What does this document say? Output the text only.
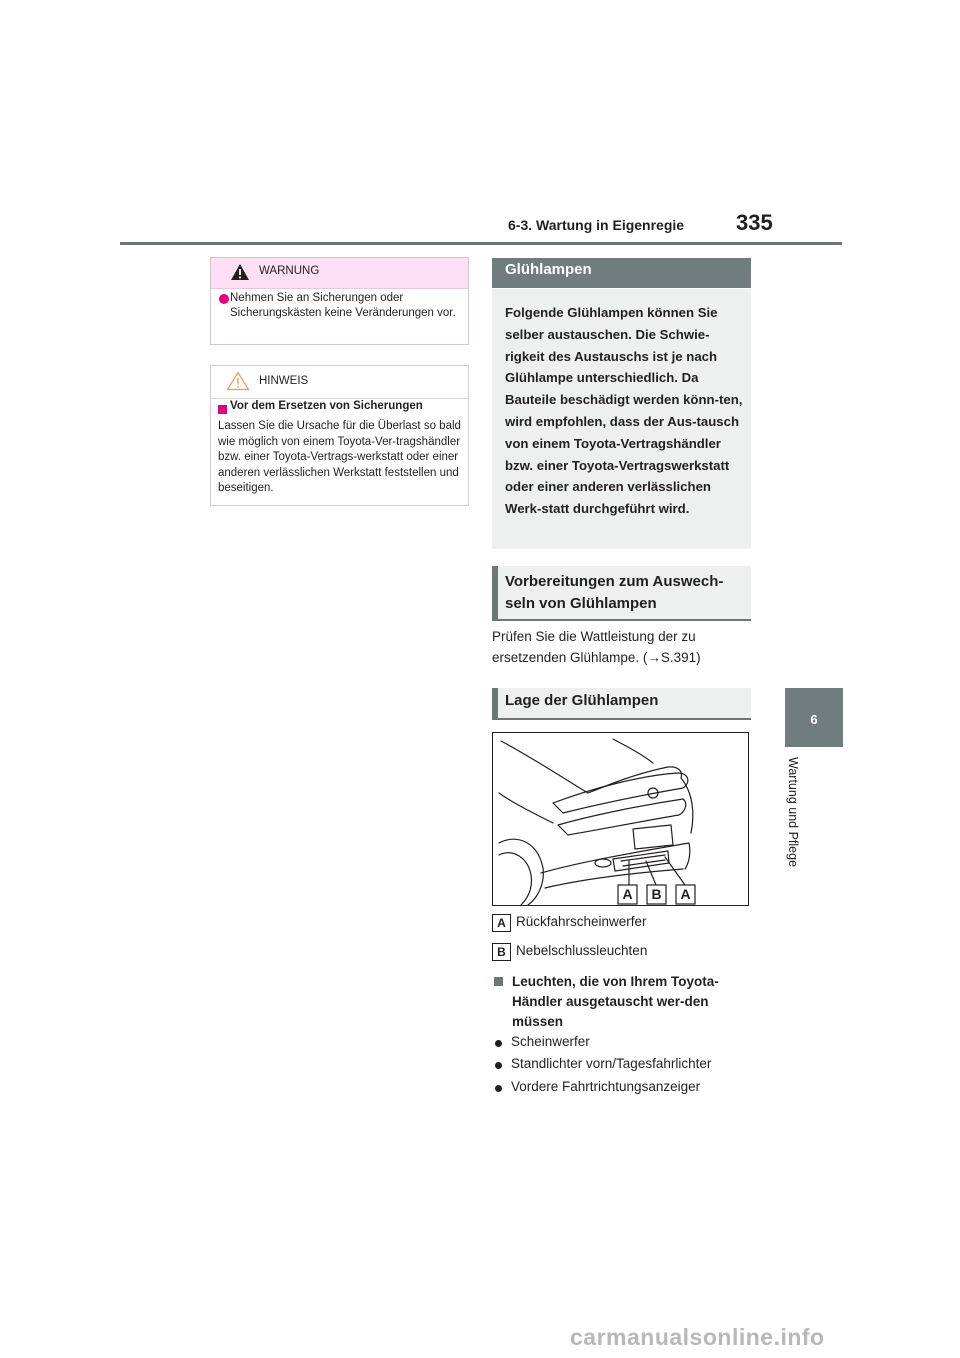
6-3. Wartung in Eigenregie 335
6
Wartung und Pflege
WARNUNG
Nehmen Sie an Sicherungen oder Sicherungskästen keine Veränderungen vor.
HINWEIS
Vor dem Ersetzen von Sicherungen
Lassen Sie die Ursache für die Überlast so bald wie möglich von einem Toyota-Ver-tragshändler bzw. einer Toyota-Vertrags-werkstatt oder einer anderen verlässlichen Werkstatt feststellen und beseitigen.
Glühlampen
Folgende Glühlampen können Sie selber austauschen. Die Schwie-rigkeit des Austauschs ist je nach Glühlampe unterschiedlich. Da Bauteile beschädigt werden könn-ten, wird empfohlen, dass der Aus-tausch von einem Toyota-Vertragshändler bzw. einer Toyota-Vertragswerkstatt oder einer anderen verlässlichen Werk-statt durchgeführt wird.
Vorbereitungen zum Auswech-seln von Glühlampen
Prüfen Sie die Wattleistung der zu ersetzenden Glühlampe. (→S.391)
Lage der Glühlampen
A B A
A Rückfahrscheinwerfer
B Nebelschlussleuchten
Leuchten, die von Ihrem Toyota-Händler ausgetauscht wer-den müssen
Scheinwerfer
Standlichter vorn/Tagesfahrlichter
Vordere Fahrtrichtungsanzeiger
carmanualsonline.info
